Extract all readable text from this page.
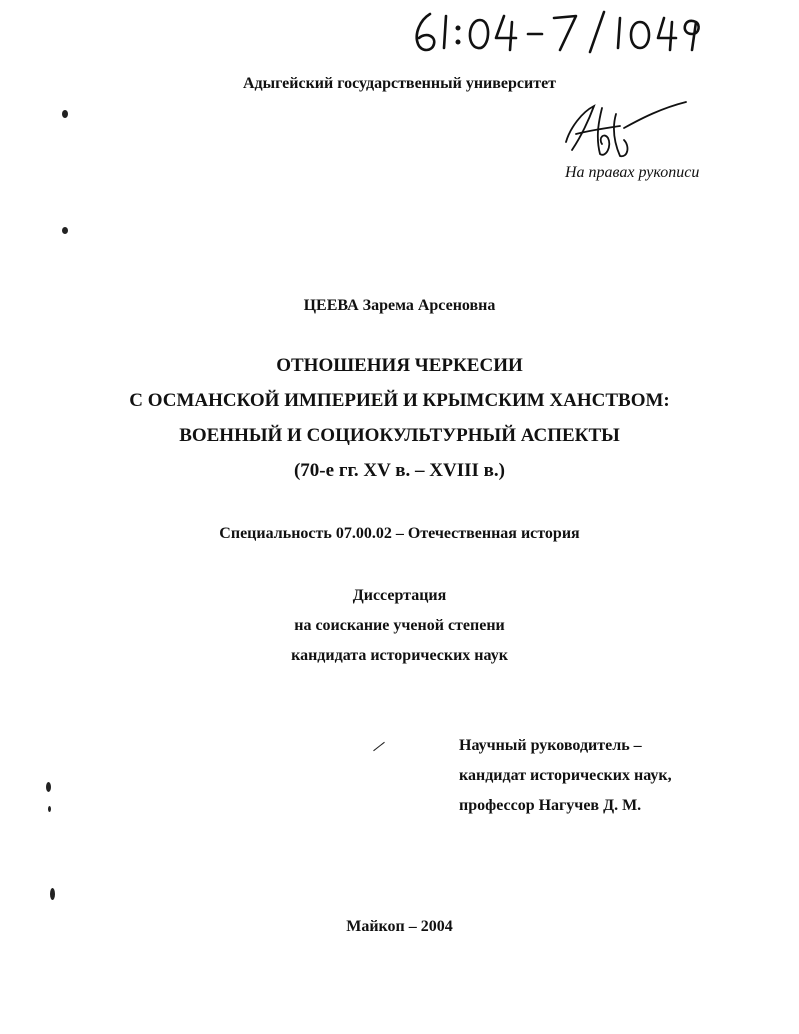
Адыгейский государственный университет
На правах рукописи
ЦЕЕВА Зарема Арсеновна
ОТНОШЕНИЯ ЧЕРКЕСИИ
С ОСМАНСКОЙ ИМПЕРИЕЙ И КРЫМСКИМ ХАНСТВОМ:
ВОЕННЫЙ И СОЦИОКУЛЬТУРНЫЙ АСПЕКТЫ
(70-е гг. XV в. – XVIII в.)
Специальность 07.00.02 – Отечественная история
Диссертация
на соискание ученой степени
кандидата исторических наук
Научный руководитель –
кандидат исторических наук,
профессор Нагучев Д. М.
Майкоп – 2004
